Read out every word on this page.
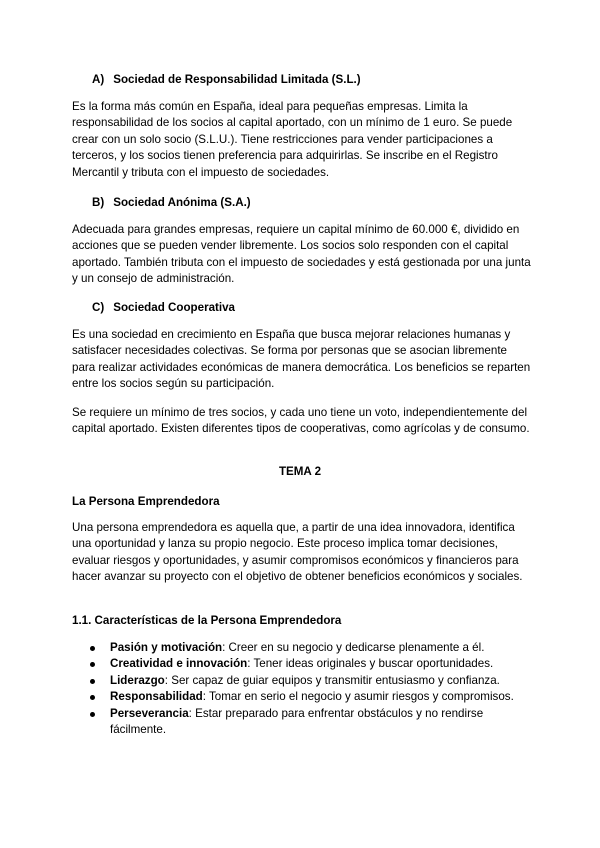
A) Sociedad de Responsabilidad Limitada (S.L.)

Es la forma más común en España, ideal para pequeñas empresas. Limita la responsabilidad de los socios al capital aportado, con un mínimo de 1 euro. Se puede crear con un solo socio (S.L.U.). Tiene restricciones para vender participaciones a terceros, y los socios tienen preferencia para adquirirlas. Se inscribe en el Registro Mercantil y tributa con el impuesto de sociedades.

B) Sociedad Anónima (S.A.)

Adecuada para grandes empresas, requiere un capital mínimo de 60.000 €, dividido en acciones que se pueden vender libremente. Los socios solo responden con el capital aportado. También tributa con el impuesto de sociedades y está gestionada por una junta y un consejo de administración.

C) Sociedad Cooperativa

Es una sociedad en crecimiento en España que busca mejorar relaciones humanas y satisfacer necesidades colectivas. Se forma por personas que se asocian libremente para realizar actividades económicas de manera democrática. Los beneficios se reparten entre los socios según su participación.

Se requiere un mínimo de tres socios, y cada uno tiene un voto, independientemente del capital aportado. Existen diferentes tipos de cooperativas, como agrícolas y de consumo.

TEMA 2

La Persona Emprendedora

Una persona emprendedora es aquella que, a partir de una idea innovadora, identifica una oportunidad y lanza su propio negocio. Este proceso implica tomar decisiones, evaluar riesgos y oportunidades, y asumir compromisos económicos y financieros para hacer avanzar su proyecto con el objetivo de obtener beneficios económicos y sociales.

1.1. Características de la Persona Emprendedora

Pasión y motivación: Creer en su negocio y dedicarse plenamente a él.
Creatividad e innovación: Tener ideas originales y buscar oportunidades.
Liderazgo: Ser capaz de guiar equipos y transmitir entusiasmo y confianza.
Responsabilidad: Tomar en serio el negocio y asumir riesgos y compromisos.
Perseverancia: Estar preparado para enfrentar obstáculos y no rendirse fácilmente.
